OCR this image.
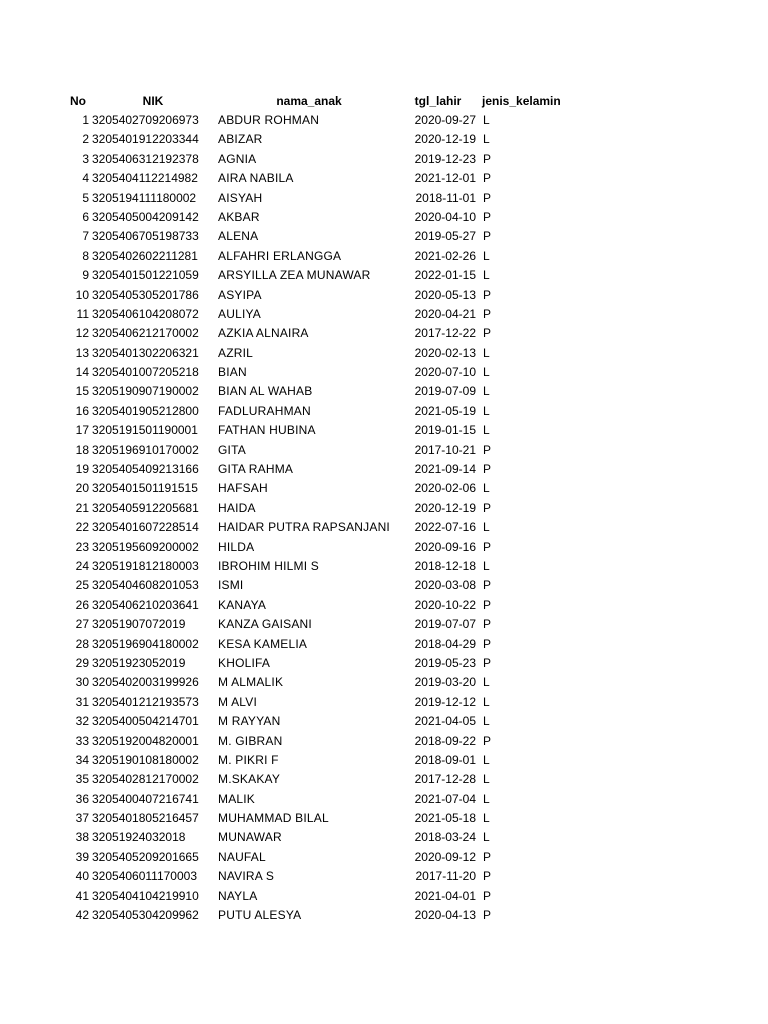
No	NIK	nama_anak	tgl_lahir	jenis_kelamin
1 3205402709206973	ABDUR ROHMAN	2020-09-27 L
2 3205401912203344	ABIZAR	2020-12-19 L
3 3205406312192378	AGNIA	2019-12-23 P
4 3205404112214982	AIRA NABILA	2021-12-01 P
5 3205194111180002	AISYAH	2018-11-01 P
6 3205405004209142	AKBAR	2020-04-10 P
7 3205406705198733	ALENA	2019-05-27 P
8 3205402602211281	ALFAHRI ERLANGGA	2021-02-26 L
9 3205401501221059	ARSYILLA ZEA MUNAWAR	2022-01-15 L
10 3205405305201786	ASYIPA	2020-05-13 P
11 3205406104208072	AULIYA	2020-04-21 P
12 3205406212170002	AZKIA ALNAIRA	2017-12-22 P
13 3205401302206321	AZRIL	2020-02-13 L
14 3205401007205218	BIAN	2020-07-10 L
15 3205190907190002	BIAN AL WAHAB	2019-07-09 L
16 3205401905212800	FADLURAHMAN	2021-05-19 L
17 3205191501190001	FATHAN HUBINA	2019-01-15 L
18 3205196910170002	GITA	2017-10-21 P
19 3205405409213166	GITA RAHMA	2021-09-14 P
20 3205401501191515	HAFSAH	2020-02-06 L
21 3205405912205681	HAIDA	2020-12-19 P
22 3205401607228514	HAIDAR PUTRA RAPSANJANI	2022-07-16 L
23 3205195609200002	HILDA	2020-09-16 P
24 3205191812180003	IBROHIM HILMI S	2018-12-18 L
25 3205404608201053	ISMI	2020-03-08 P
26 3205406210203641	KANAYA	2020-10-22 P
27 32051907072019	KANZA GAISANI	2019-07-07 P
28 3205196904180002	KESA KAMELIA	2018-04-29 P
29 32051923052019	KHOLIFA	2019-05-23 P
30 3205402003199926	M ALMALIK	2019-03-20 L
31 3205401212193573	M ALVI	2019-12-12 L
32 3205400504214701	M RAYYAN	2021-04-05 L
33 3205192004820001	M. GIBRAN	2018-09-22 P
34 3205190108180002	M. PIKRI F	2018-09-01 L
35 3205402812170002	M.SKAKAY	2017-12-28 L
36 3205400407216741	MALIK	2021-07-04 L
37 3205401805216457	MUHAMMAD BILAL	2021-05-18 L
38 32051924032018	MUNAWAR	2018-03-24 L
39 3205405209201665	NAUFAL	2020-09-12 P
40 3205406011170003	NAVIRA S	2017-11-20 P
41 3205404104219910	NAYLA	2021-04-01 P
42 3205405304209962	PUTU ALESYA	2020-04-13 P
